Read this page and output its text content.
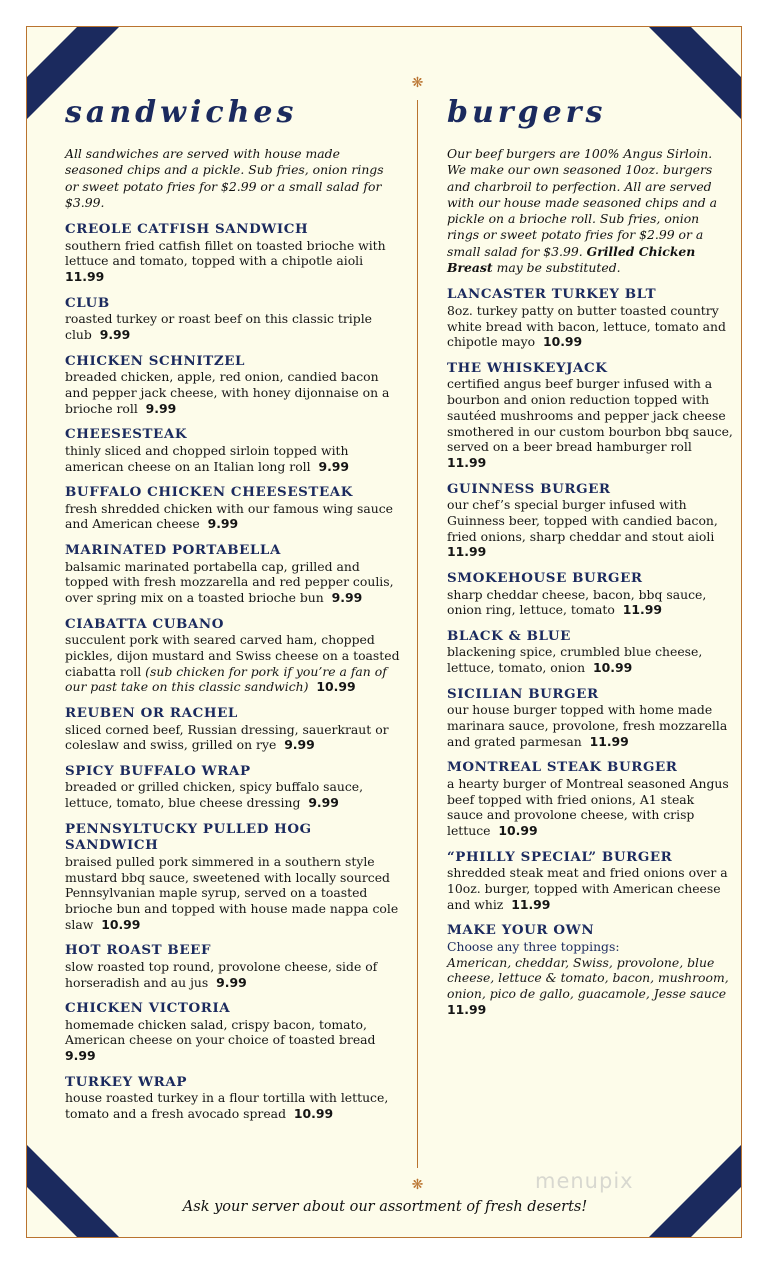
❋
❋
sandwiches

All sandwiches are served with house made seasoned chips and a pickle. Sub fries, onion rings or sweet potato fries for $2.99 or a small salad for $3.99.

CREOLE CATFISH SANDWICH
southern fried catfish fillet on toasted brioche with lettuce and tomato, topped with a chipotle aioli  11.99
CLUB
roasted turkey or roast beef on this classic triple club 9.99
CHICKEN SCHNITZEL
breaded chicken, apple, red onion, candied bacon and pepper jack cheese, with honey dijonnaise on a brioche roll 9.99
CHEESESTEAK
thinly sliced and chopped sirloin topped with american cheese on an Italian long roll 9.99
BUFFALO CHICKEN CHEESESTEAK
fresh shredded chicken with our famous wing sauce and American cheese 9.99
MARINATED PORTABELLA
balsamic marinated portabella cap, grilled and topped with fresh mozzarella and red pepper coulis, over spring mix on a toasted brioche bun 9.99
CIABATTA CUBANO
succulent pork with seared carved ham, chopped pickles, dijon mustard and Swiss cheese on a toasted ciabatta roll (sub chicken for pork if you’re a fan of our past take on this classic sandwich) 10.99
REUBEN OR RACHEL
sliced corned beef, Russian dressing, sauerkraut or coleslaw and swiss, grilled on rye 9.99
SPICY BUFFALO WRAP
breaded or grilled chicken, spicy buffalo sauce, lettuce, tomato, blue cheese dressing 9.99
PENNSYLTUCKY PULLED HOG SANDWICH
braised pulled pork simmered in a southern style mustard bbq sauce, sweetened with locally sourced Pennsylvanian maple syrup, served on a toasted brioche bun and topped with house made nappa cole slaw 10.99
HOT ROAST BEEF
slow roasted top round, provolone cheese, side of horseradish and au jus 9.99
CHICKEN VICTORIA
homemade chicken salad, crispy bacon, tomato, American cheese on your choice of toasted bread  9.99
TURKEY WRAP
house roasted turkey in a flour tortilla with lettuce, tomato and a fresh avocado spread 10.99
burgers

Our beef burgers are 100% Angus Sirloin. We make our own seasoned 10oz. burgers and charbroil to perfection. All are served with our house made seasoned chips and a pickle on a brioche roll. Sub fries, onion rings or sweet potato fries for $2.99 or a small salad for $3.99. Grilled Chicken Breast may be substituted.

LANCASTER TURKEY BLT
8oz. turkey patty on butter toasted country white bread with bacon, lettuce, tomato and chipotle mayo 10.99
THE WHISKEYJACK
certified angus beef burger infused with a bourbon and onion reduction topped with sautéed mushrooms and pepper jack cheese smothered in our custom bourbon bbq sauce, served on a beer bread hamburger roll  11.99
GUINNESS BURGER
our chef’s special burger infused with Guinness beer, topped with candied bacon, fried onions, sharp cheddar and stout aioli  11.99
SMOKEHOUSE BURGER
sharp cheddar cheese, bacon, bbq sauce, onion ring, lettuce, tomato 11.99
BLACK & BLUE
blackening spice, crumbled blue cheese, lettuce, tomato, onion 10.99
SICILIAN BURGER
our house burger topped with home made marinara sauce, provolone, fresh mozzarella and grated parmesan 11.99
MONTREAL STEAK BURGER
a hearty burger of Montreal seasoned Angus beef topped with fried onions, A1 steak sauce and provolone cheese, with crisp lettuce 10.99
“PHILLY SPECIAL” BURGER
shredded steak meat and fried onions over a 10oz. burger, topped with American cheese and whiz 11.99
MAKE YOUR OWN
Choose any three toppings:
American, cheddar, Swiss, provolone, blue cheese, lettuce & tomato, bacon, mushroom, onion, pico de gallo, guacamole, Jesse sauce  11.99
Ask your server about our assortment of fresh deserts!
menupix
